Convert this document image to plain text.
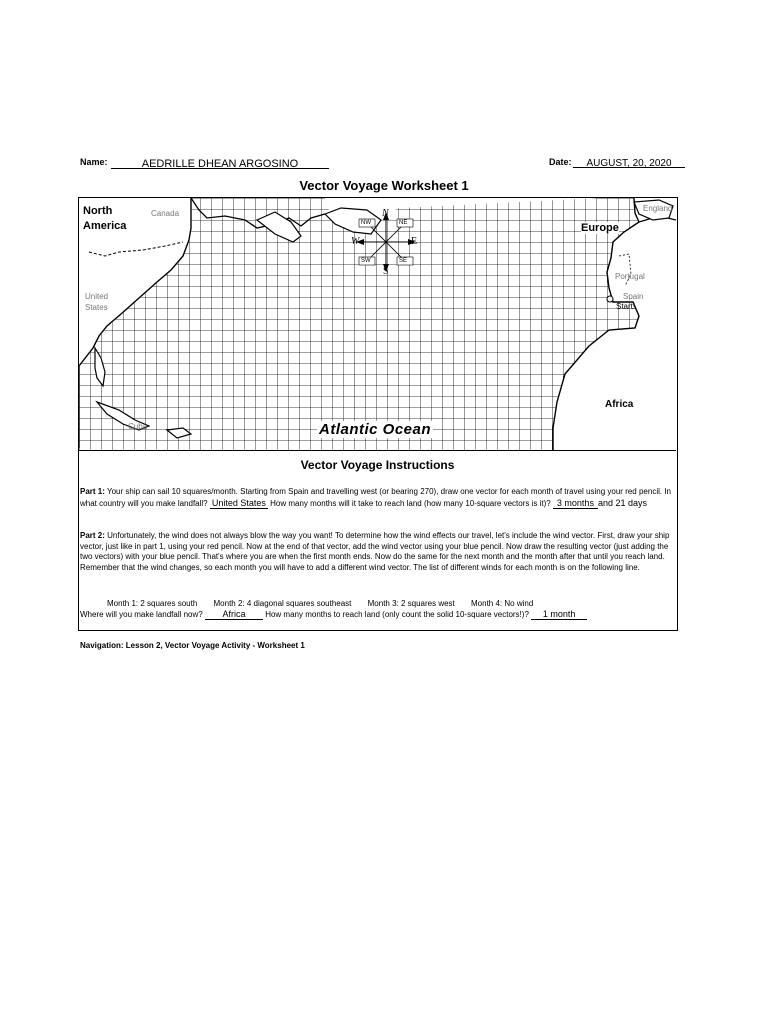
Name:	AEDRILLE DHEAN ARGOSINO	Date:	AUGUST, 20, 2020
Vector Voyage Worksheet 1
North America
Canada
United States
Cuba	Atlantic Ocean
England
Europe
Portugal
Spain
Start!
Africa
N
S
E
W
NW	NE
SW	SE
Vector Voyage Instructions
Part 1: Your ship can sail 10 squares/month. Starting from Spain and travelling west (or bearing 270), draw one vector for each month of travel using your red pencil. In what country will you make landfall? United States How many months will it take to reach land (how many 10-square vectors is it)? 3 months and 21 days
Part 2: Unfortunately, the wind does not always blow the way you want! To determine how the wind effects our travel, let's include the wind vector. First, draw your ship vector, just like in part 1, using your red pencil. Now at the end of that vector, add the wind vector using your blue pencil. Now draw the resulting vector (just adding the two vectors) with your blue pencil. That's where you are when the first month ends. Now do the same for the next month and the month after that until you reach land. Remember that the wind changes, so each month you will have to add a different wind vector. The list of different winds for each month is on the following line.
Month 1: 2 squares south Month 2: 4 diagonal squares southeast Month 3: 2 squares west Month 4: No wind
Where will you make landfall now? Africa How many months to reach land (only count the solid 10-square vectors!)? 1 month
Navigation: Lesson 2, Vector Voyage Activity - Worksheet 1
